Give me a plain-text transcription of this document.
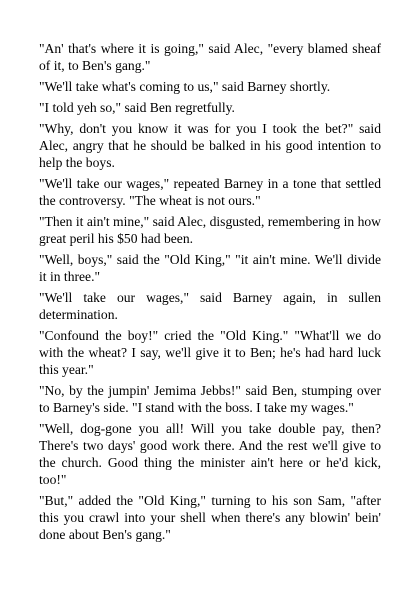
"An' that's where it is going," said Alec, "every blamed sheaf of it, to Ben's gang."

"We'll take what's coming to us," said Barney shortly.

"I told yeh so," said Ben regretfully.

"Why, don't you know it was for you I took the bet?" said Alec, angry that he should be balked in his good intention to help the boys.

"We'll take our wages," repeated Barney in a tone that settled the controversy. "The wheat is not ours."

"Then it ain't mine," said Alec, disgusted, remembering in how great peril his $50 had been.

"Well, boys," said the "Old King," "it ain't mine. We'll divide it in three."

"We'll take our wages," said Barney again, in sullen determination.

"Confound the boy!" cried the "Old King." "What'll we do with the wheat? I say, we'll give it to Ben; he's had hard luck this year."

"No, by the jumpin' Jemima Jebbs!" said Ben, stumping over to Barney's side. "I stand with the boss. I take my wages."

"Well, dog-gone you all! Will you take double pay, then? There's two days' good work there. And the rest we'll give to the church. Good thing the minister ain't here or he'd kick, too!"

"But," added the "Old King," turning to his son Sam, "after this you crawl into your shell when there's any blowin' bein' done about Ben's gang."
